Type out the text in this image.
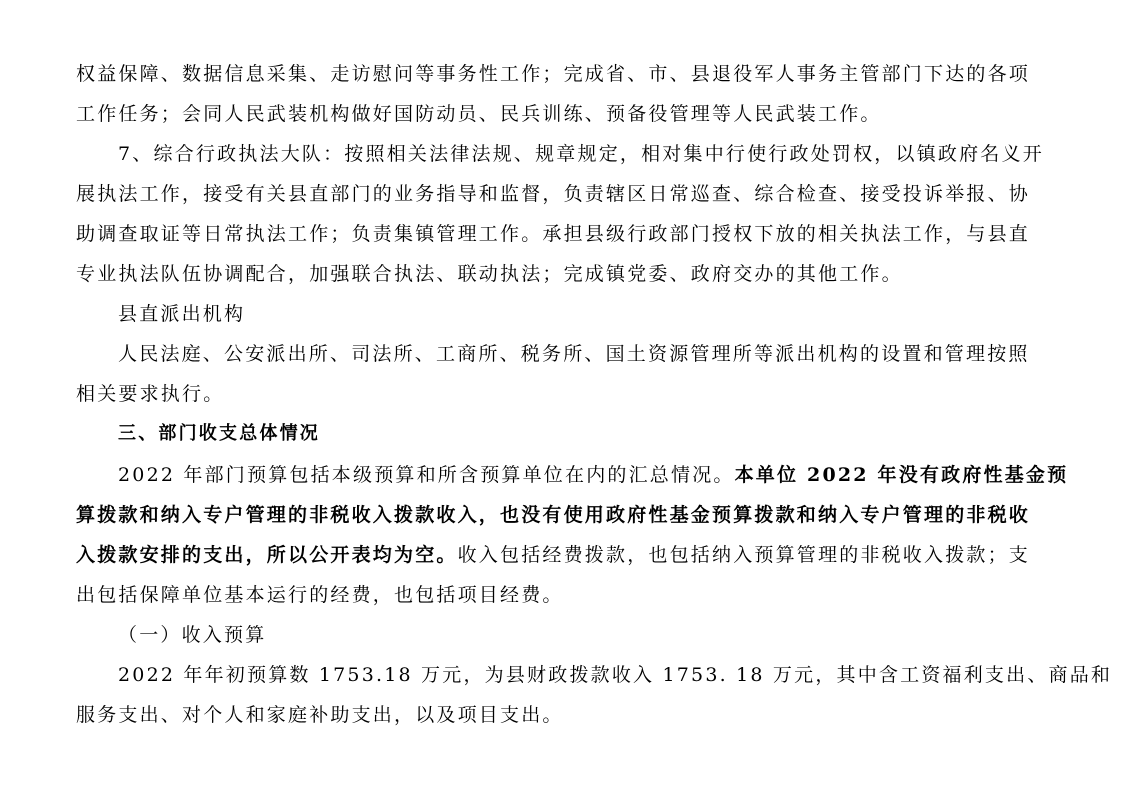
权益保障、数据信息采集、走访慰问等事务性工作；完成省、市、县退役军人事务主管部门下达的各项
工作任务；会同人民武装机构做好国防动员、民兵训练、预备役管理等人民武装工作。
7、综合行政执法大队：按照相关法律法规、规章规定，相对集中行使行政处罚权，以镇政府名义开
展执法工作，接受有关县直部门的业务指导和监督，负责辖区日常巡查、综合检查、接受投诉举报、协
助调查取证等日常执法工作；负责集镇管理工作。承担县级行政部门授权下放的相关执法工作，与县直
专业执法队伍协调配合，加强联合执法、联动执法；完成镇党委、政府交办的其他工作。
县直派出机构
人民法庭、公安派出所、司法所、工商所、税务所、国土资源管理所等派出机构的设置和管理按照
相关要求执行。
三、部门收支总体情况
2022 年部门预算包括本级预算和所含预算单位在内的汇总情况。本单位 2022 年没有政府性基金预
算拨款和纳入专户管理的非税收入拨款收入，也没有使用政府性基金预算拨款和纳入专户管理的非税收
入拨款安排的支出，所以公开表均为空。收入包括经费拨款，也包括纳入预算管理的非税收入拨款；支
出包括保障单位基本运行的经费，也包括项目经费。
（一）收入预算
2022 年年初预算数 1753.18 万元，为县财政拨款收入 1753. 18 万元，其中含工资福利支出、商品和
服务支出、对个人和家庭补助支出，以及项目支出。
